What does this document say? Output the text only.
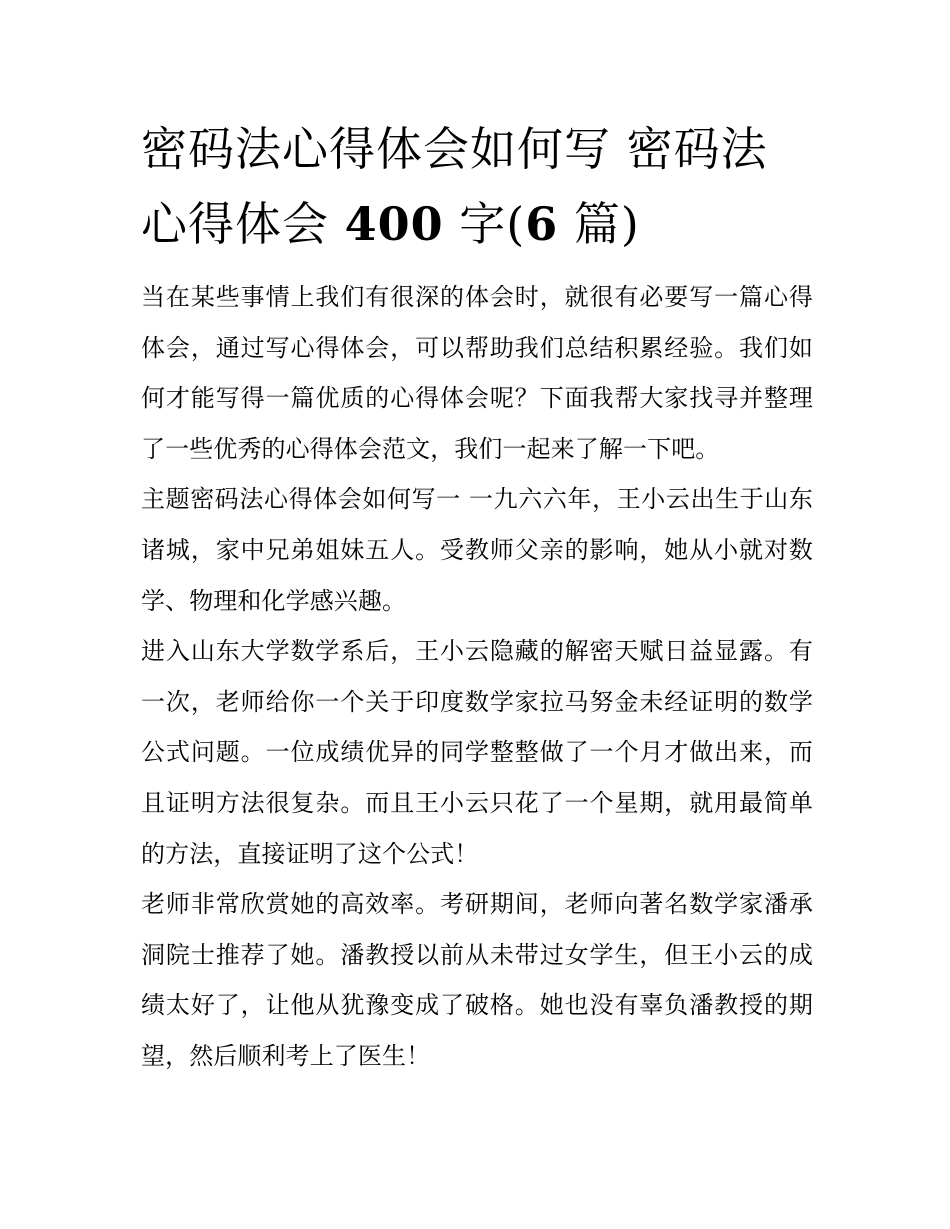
密码法心得体会如何写 密码法心得体会 400 字(6 篇)

当在某些事情上我们有很深的体会时，就很有必要写一篇心得体会，通过写心得体会，可以帮助我们总结积累经验。我们如何才能写得一篇优质的心得体会呢？下面我帮大家找寻并整理了一些优秀的心得体会范文，我们一起来了解一下吧。

主题密码法心得体会如何写一 一九六六年，王小云出生于山东诸城，家中兄弟姐妹五人。受教师父亲的影响，她从小就对数学、物理和化学感兴趣。

进入山东大学数学系后，王小云隐藏的解密天赋日益显露。有一次，老师给你一个关于印度数学家拉马努金未经证明的数学公式问题。一位成绩优异的同学整整做了一个月才做出来，而且证明方法很复杂。而且王小云只花了一个星期，就用最简单的方法，直接证明了这个公式！

老师非常欣赏她的高效率。考研期间，老师向著名数学家潘承洞院士推荐了她。潘教授以前从未带过女学生，但王小云的成绩太好了，让他从犹豫变成了破格。她也没有辜负潘教授的期望，然后顺利考上了医生！
